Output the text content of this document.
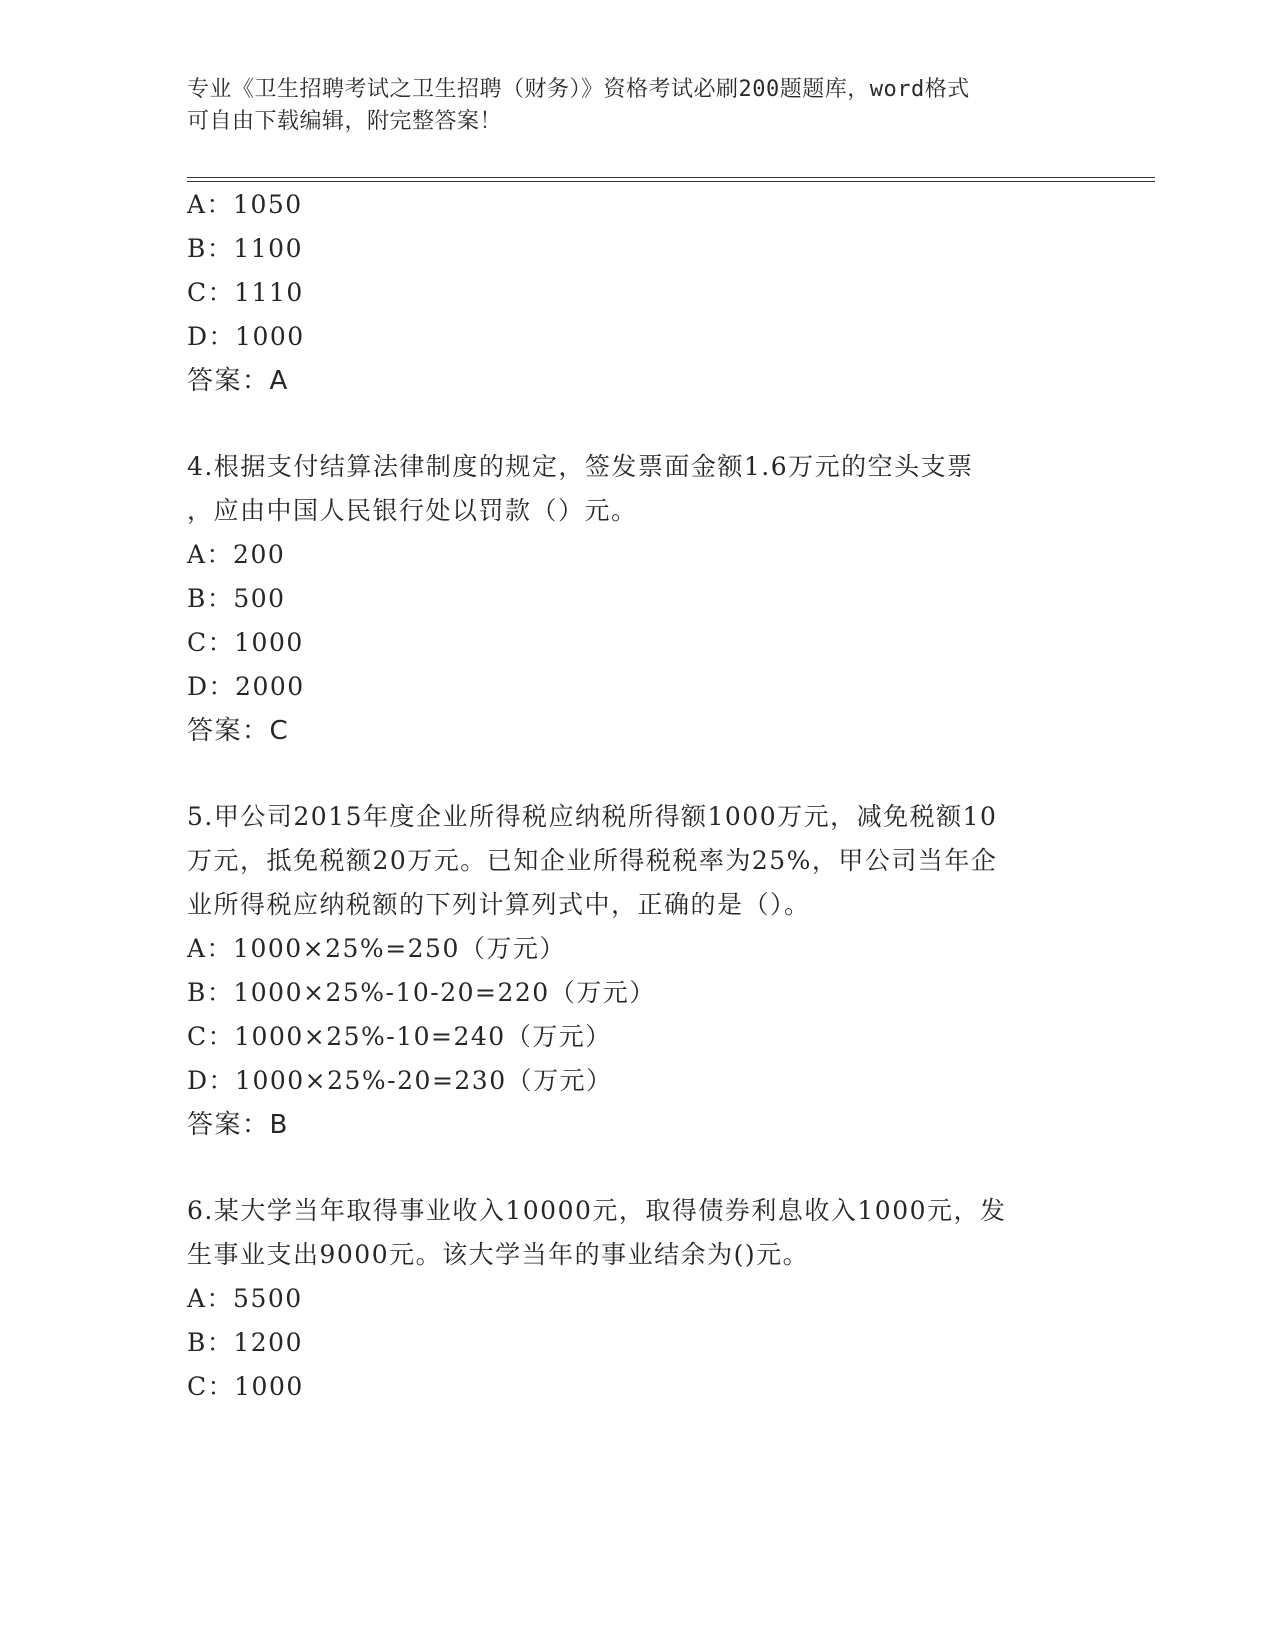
专业《卫生招聘考试之卫生招聘（财务）》资格考试必刷200题题库，word格式
可自由下载编辑，附完整答案！
A：1050
B：1100
C：1110
D：1000
答案：A
4.根据支付结算法律制度的规定，签发票面金额1.6万元的空头支票
，应由中国人民银行处以罚款（）元。
A：200
B：500
C：1000
D：2000
答案：C
5.甲公司2015年度企业所得税应纳税所得额1000万元，减免税额10
万元，抵免税额20万元。已知企业所得税税率为25%，甲公司当年企
业所得税应纳税额的下列计算列式中，正确的是（）。
A：1000×25%=250（万元）
B：1000×25%-10-20=220（万元）
C：1000×25%-10=240（万元）
D：1000×25%-20=230（万元）
答案：B
6.某大学当年取得事业收入10000元，取得债券利息收入1000元，发
生事业支出9000元。该大学当年的事业结余为()元。
A：5500
B：1200
C：1000
